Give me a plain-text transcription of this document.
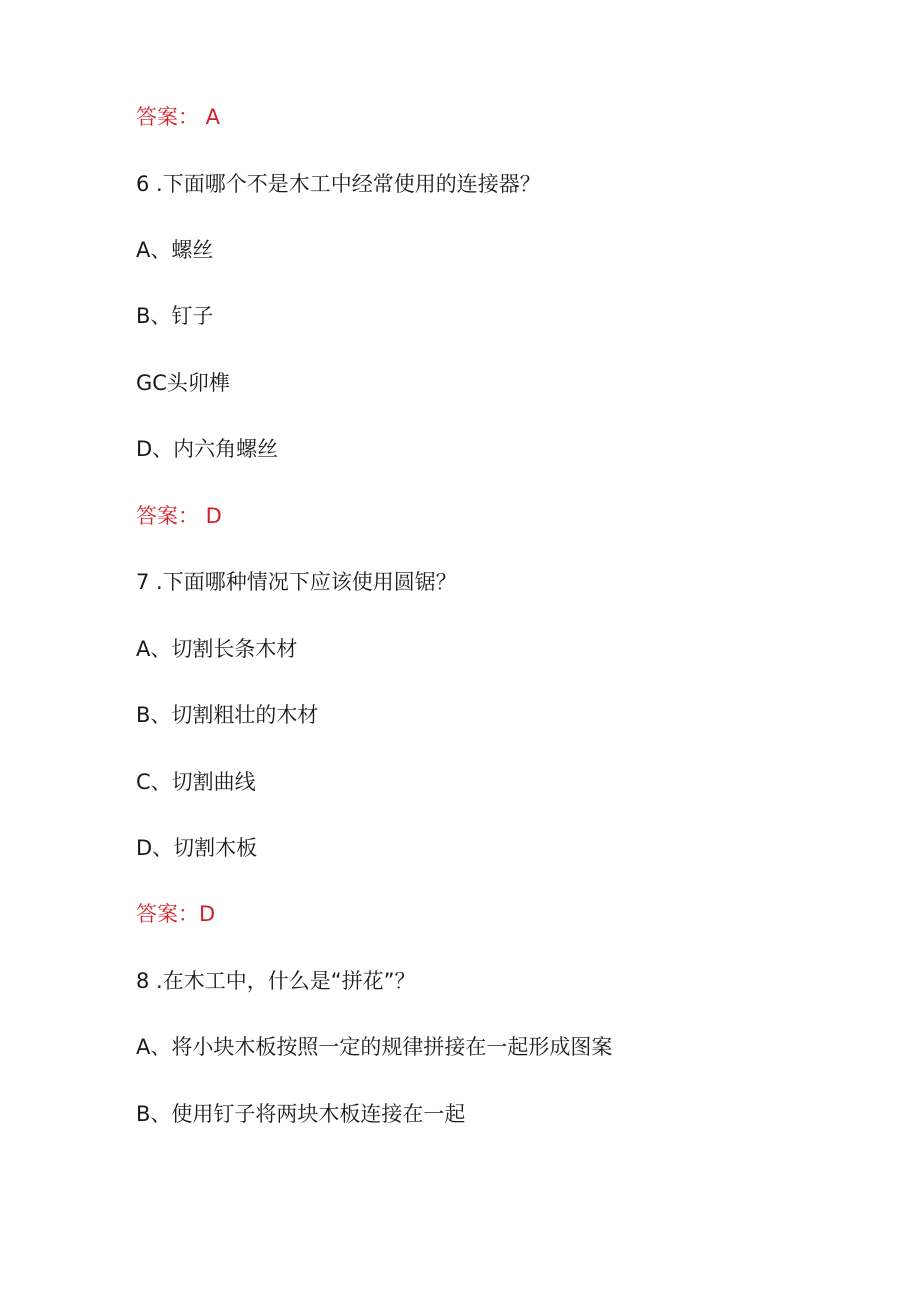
答案： A
6 .下面哪个不是木工中经常使用的连接器？
A、螺丝
B、钉子
GC头卯榫
D、内六角螺丝
答案： D
7 .下面哪种情况下应该使用圆锯？
A、切割长条木材
B、切割粗壮的木材
C、切割曲线
D、切割木板
答案：D
8 .在木工中，什么是“拼花”？
A、将小块木板按照一定的规律拼接在一起形成图案
B、使用钉子将两块木板连接在一起
